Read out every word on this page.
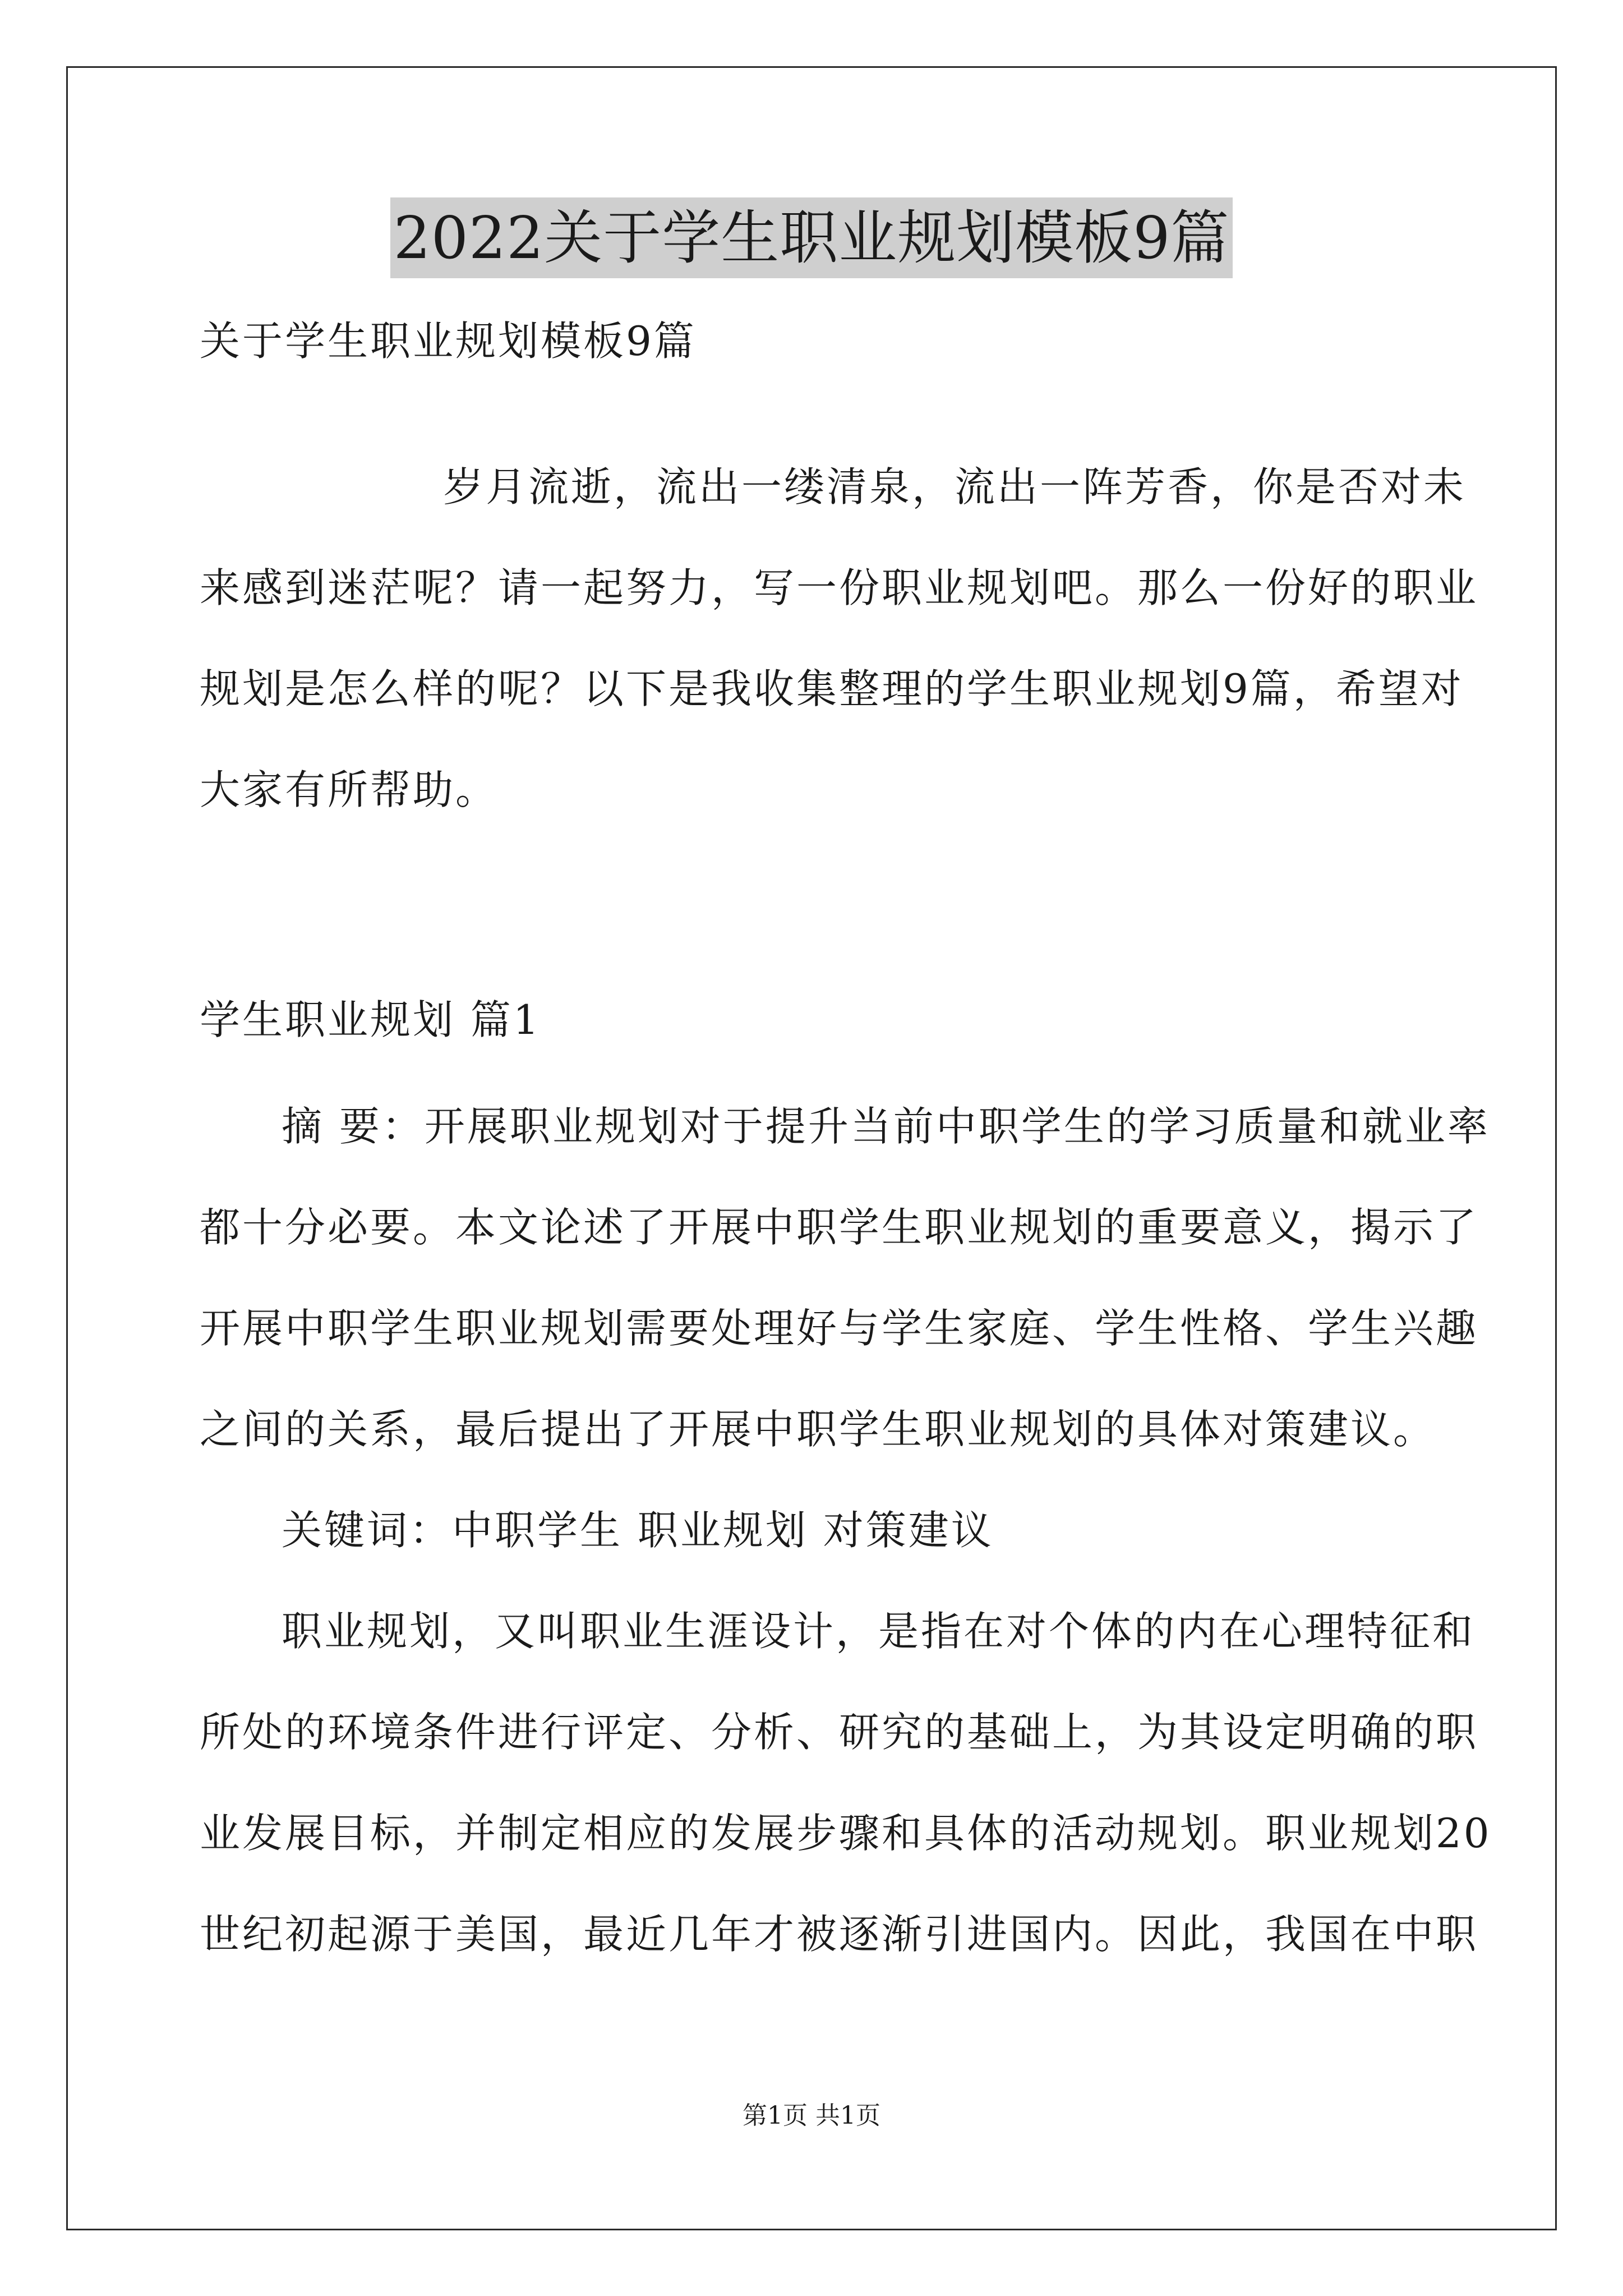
2022关于学生职业规划模板9篇
关于学生职业规划模板9篇
岁月流逝，流出一缕清泉，流出一阵芳香，你是否对未
来感到迷茫呢？请一起努力，写一份职业规划吧。那么一份好的职业
规划是怎么样的呢？以下是我收集整理的学生职业规划9篇，希望对
大家有所帮助。
学生职业规划 篇1
摘 要：开展职业规划对于提升当前中职学生的学习质量和就业率
都十分必要。本文论述了开展中职学生职业规划的重要意义，揭示了
开展中职学生职业规划需要处理好与学生家庭、学生性格、学生兴趣
之间的关系，最后提出了开展中职学生职业规划的具体对策建议。
关键词：中职学生 职业规划 对策建议
职业规划，又叫职业生涯设计，是指在对个体的内在心理特征和
所处的环境条件进行评定、分析、研究的基础上，为其设定明确的职
业发展目标，并制定相应的发展步骤和具体的活动规划。职业规划20
世纪初起源于美国，最近几年才被逐渐引进国内。因此，我国在中职
第1页 共1页
